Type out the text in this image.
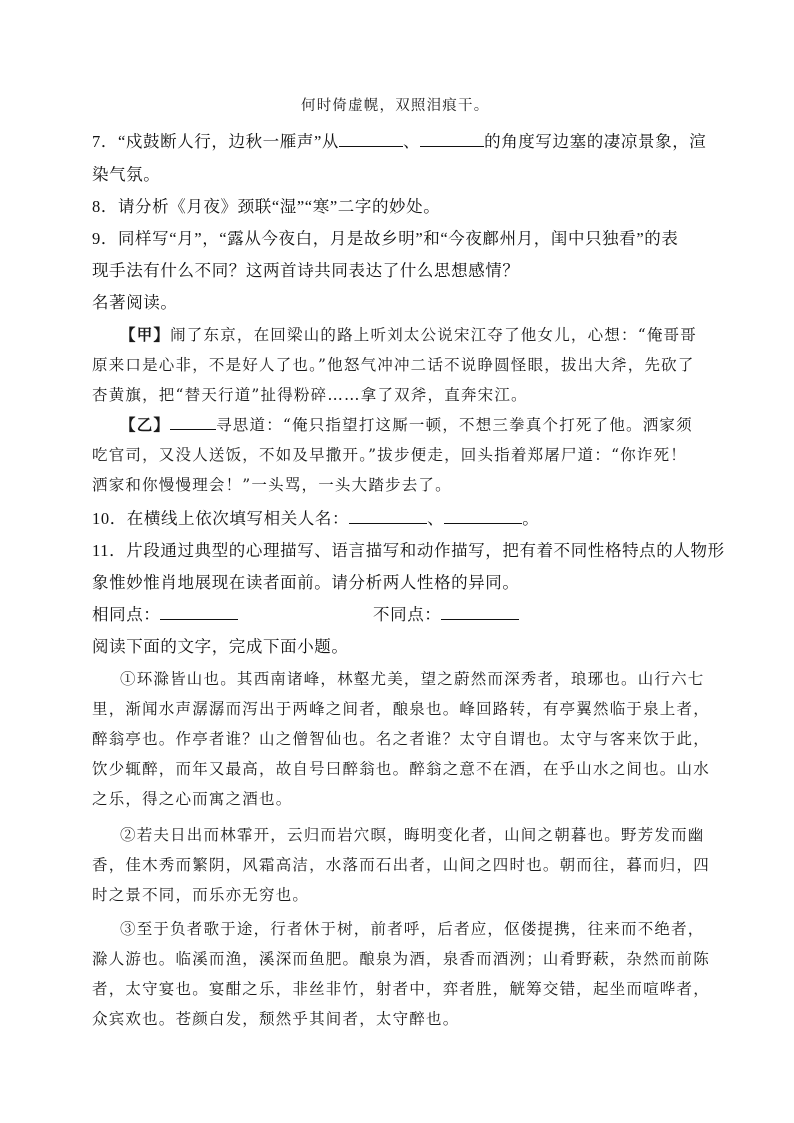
何时倚虚幌，双照泪痕干。
7．“戍鼓断人行，边秋一雁声”从	、	的角度写边塞的凄凉景象，渲
染气氛。
8．请分析《月夜》颈联“湿”“寒”二字的妙处。
9．同样写“月”，“露从今夜白，月是故乡明”和“今夜鄜州月，闺中只独看”的表
现手法有什么不同？这两首诗共同表达了什么思想感情？
名著阅读。
【甲】闹了东京，在回梁山的路上听刘太公说宋江夺了他女儿，心想：“俺哥哥
原来口是心非，不是好人了也。”他怒气冲冲二话不说睁圆怪眼，拔出大斧，先砍了
杏黄旗，把“替天行道”扯得粉碎……拿了双斧，直奔宋江。
【乙】	寻思道：“俺只指望打这厮一顿，不想三拳真个打死了他。洒家须
吃官司，又没人送饭，不如及早撒开。”拔步便走，回头指着郑屠尸道：“你诈死！
洒家和你慢慢理会！”一头骂，一头大踏步去了。
10．在横线上依次填写相关人名：	、	。
11．片段通过典型的心理描写、语言描写和动作描写，把有着不同性格特点的人物形
象惟妙惟肖地展现在读者面前。请分析两人性格的异同。
相同点：	不同点：
阅读下面的文字，完成下面小题。
①环滁皆山也。其西南诸峰，林壑尤美，望之蔚然而深秀者，琅琊也。山行六七
里，渐闻水声潺潺而泻出于两峰之间者，酿泉也。峰回路转，有亭翼然临于泉上者，
醉翁亭也。作亭者谁？山之僧智仙也。名之者谁？太守自谓也。太守与客来饮于此，
饮少辄醉，而年又最高，故自号曰醉翁也。醉翁之意不在酒，在乎山水之间也。山水
之乐，得之心而寓之酒也。
②若夫日出而林霏开，云归而岩穴暝，晦明变化者，山间之朝暮也。野芳发而幽
香，佳木秀而繁阴，风霜高洁，水落而石出者，山间之四时也。朝而往，暮而归，四
时之景不同，而乐亦无穷也。
③至于负者歌于途，行者休于树，前者呼，后者应，伛偻提携，往来而不绝者，
滁人游也。临溪而渔，溪深而鱼肥。酿泉为酒，泉香而酒洌；山肴野蔌，杂然而前陈
者，太守宴也。宴酣之乐，非丝非竹，射者中，弈者胜，觥筹交错，起坐而喧哗者，
众宾欢也。苍颜白发，颓然乎其间者，太守醉也。
